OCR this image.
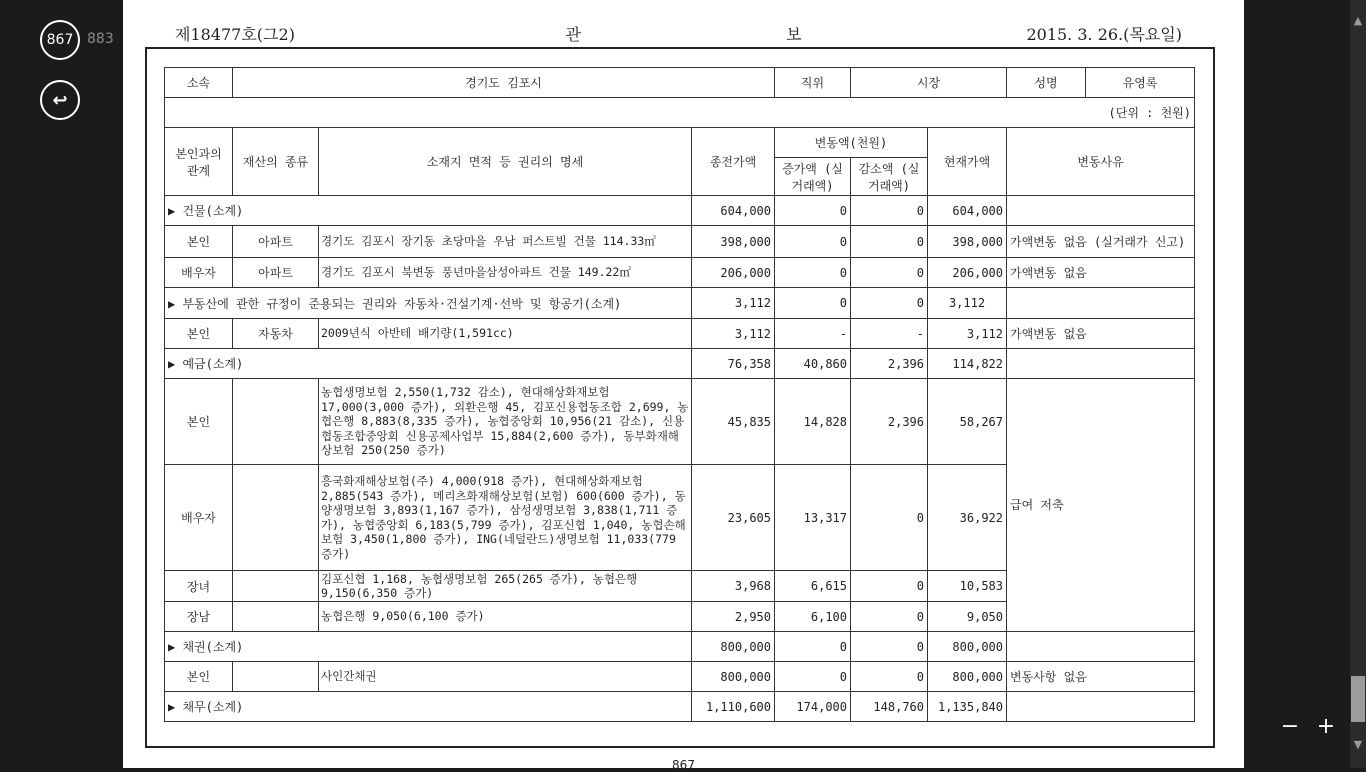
867 883
↩
제18477호(그2)	관 보	2015. 3. 26.(목요일)
867
소속	경기도 김포시			직위	시장		성명 유영록

(단위 : 천원)							
본인과의 관계	재산의 종류	소재지 면적 등 권리의 명세	종전가액	변동액(천원)		현재가액	변동사유
				증가액 (실거래액)	감소액 (실거래액)		
▶ 건물(소계)			604,000	0	0	604,000	
본인	아파트	경기도 김포시 장기동 초당마을 우남 퍼스트빌 건물 114.33㎡	398,000	0	0	398,000	가액변동 없음 (실거래가 신고)
배우자	아파트	경기도 김포시 북변동 풍년마을삼성아파트 건물 149.22㎡	206,000	0	0	206,000	가액변동 없음
▶ 부동산에 관한 규정이 준용되는 권리와 자동차·건설기계·선박 및 항공기(소계)			3,112	0	0	3,112	
본인	자동차	2009년식 아반테 배기량(1,591cc)	3,112	-	-	3,112	가액변동 없음
▶ 예금(소계)			76,358	40,860	2,396	114,822	
본인		농협생명보험 2,550(1,732 감소), 현대해상화재보험 17,000(3,000 증가), 외환은행 45, 김포신용협동조합 2,699, 농협은행 8,883(8,335 증가), 농협중앙회 10,956(21 감소), 신용협동조합중앙회 신용공제사업부 15,884(2,600 증가), 동부화재해상보험 250(250 증가)	45,835	14,828	2,396	58,267	급여 저축
배우자		흥국화재해상보험(주) 4,000(918 증가), 현대해상화재보험 2,885(543 증가), 메리츠화재해상보험(보험) 600(600 증가), 동양생명보험 3,893(1,167 증가), 삼성생명보험 3,838(1,711 증가), 농협중앙회 6,183(5,799 증가), 김포신협 1,040, 농협손해보험 3,450(1,800 증가), ING(네덜란드)생명보험 11,033(779 증가)	23,605	13,317	0	36,922	
장녀		김포신협 1,168, 농협생명보험 265(265 증가), 농협은행 9,150(6,350 증가)	3,968	6,615	0	10,583	
장남		농협은행 9,050(6,100 증가)	2,950	6,100	0	9,050	
▶ 채권(소계)			800,000	0	0	800,000	
본인		사인간채권	800,000	0	0	800,000	변동사항 없음
▶ 채무(소계)			1,110,600	174,000	148,760	1,135,840	
− +
▲
▼
